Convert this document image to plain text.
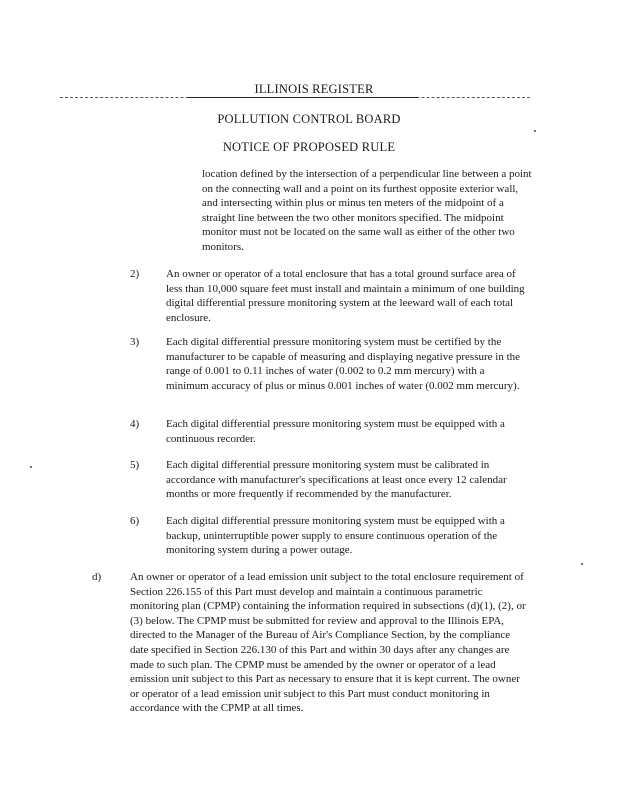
ILLINOIS REGISTER
POLLUTION CONTROL BOARD
NOTICE OF PROPOSED RULE
location defined by the intersection of a perpendicular line between a point on the connecting wall and a point on its furthest opposite exterior wall, and intersecting within plus or minus ten meters of the midpoint of a straight line between the two other monitors specified. The midpoint monitor must not be located on the same wall as either of the other two monitors.
2) An owner or operator of a total enclosure that has a total ground surface area of less than 10,000 square feet must install and maintain a minimum of one building digital differential pressure monitoring system at the leeward wall of each total enclosure.
3) Each digital differential pressure monitoring system must be certified by the manufacturer to be capable of measuring and displaying negative pressure in the range of 0.001 to 0.11 inches of water (0.002 to 0.2 mm mercury) with a minimum accuracy of plus or minus 0.001 inches of water (0.002 mm mercury).
4) Each digital differential pressure monitoring system must be equipped with a continuous recorder.
5) Each digital differential pressure monitoring system must be calibrated in accordance with manufacturer's specifications at least once every 12 calendar months or more frequently if recommended by the manufacturer.
6) Each digital differential pressure monitoring system must be equipped with a backup, uninterruptible power supply to ensure continuous operation of the monitoring system during a power outage.
d)	An owner or operator of a lead emission unit subject to the total enclosure requirement of Section 226.155 of this Part must develop and maintain a continuous parametric monitoring plan (CPMP) containing the information required in subsections (d)(1), (2), or (3) below. The CPMP must be submitted for review and approval to the Illinois EPA, directed to the Manager of the Bureau of Air's Compliance Section, by the compliance date specified in Section 226.130 of this Part and within 30 days after any changes are made to such plan. The CPMP must be amended by the owner or operator of a lead emission unit subject to this Part as necessary to ensure that it is kept current. The owner or operator of a lead emission unit subject to this Part must conduct monitoring in accordance with the CPMP at all times.
